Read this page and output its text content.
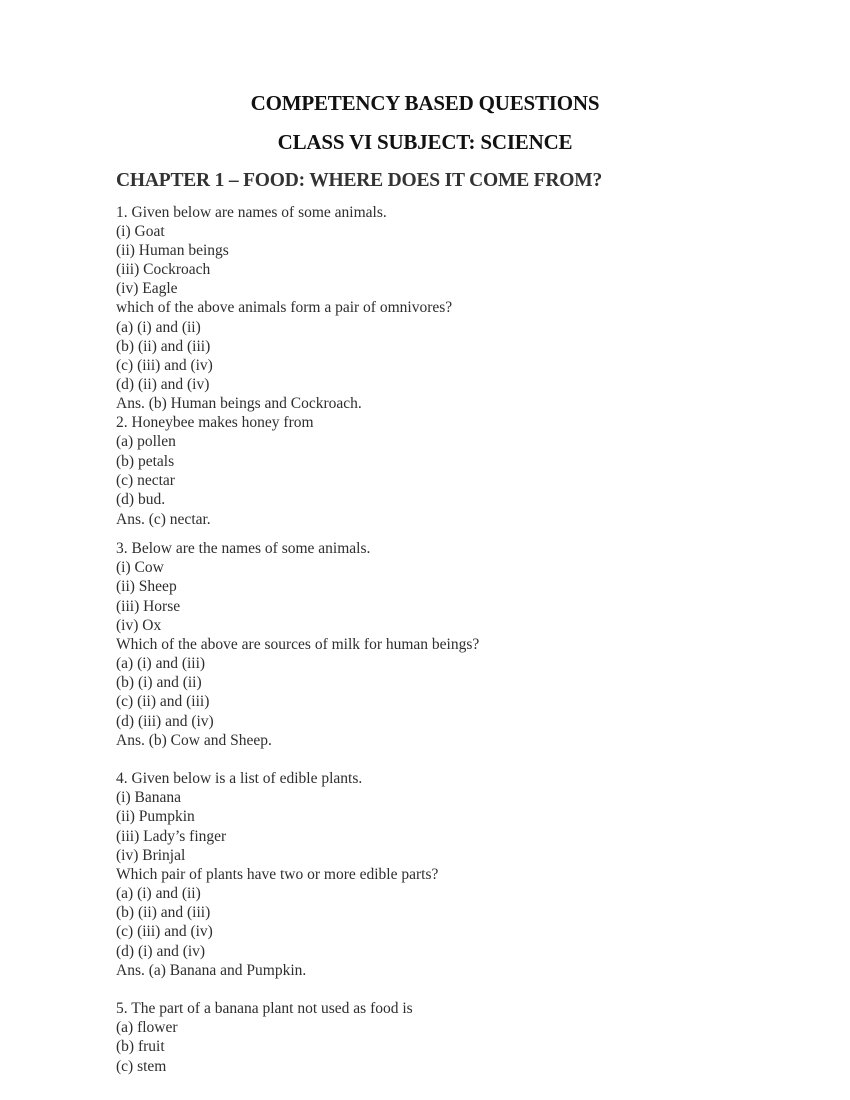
COMPETENCY BASED QUESTIONS
CLASS VI SUBJECT: SCIENCE
CHAPTER 1 – FOOD: WHERE DOES IT COME FROM?
1. Given below are names of some animals.
(i) Goat
(ii) Human beings
(iii) Cockroach
(iv) Eagle
which of the above animals form a pair of omnivores?
(a) (i) and (ii)
(b) (ii) and (iii)
(c) (iii) and (iv)
(d) (ii) and (iv)
Ans. (b) Human beings and Cockroach.
2. Honeybee makes honey from
(a) pollen
(b) petals
(c) nectar
(d) bud.
Ans. (c) nectar.
3. Below are the names of some animals.
(i) Cow
(ii) Sheep
(iii) Horse
(iv) Ox
Which of the above are sources of milk for human beings?
(a) (i) and (iii)
(b) (i) and (ii)
(c) (ii) and (iii)
(d) (iii) and (iv)
Ans. (b) Cow and Sheep.
4. Given below is a list of edible plants.
(i) Banana
(ii) Pumpkin
(iii) Lady’s finger
(iv) Brinjal
Which pair of plants have two or more edible parts?
(a) (i) and (ii)
(b) (ii) and (iii)
(c) (iii) and (iv)
(d) (i) and (iv)
Ans. (a) Banana and Pumpkin.
5. The part of a banana plant not used as food is
(a) flower
(b) fruit
(c) stem
